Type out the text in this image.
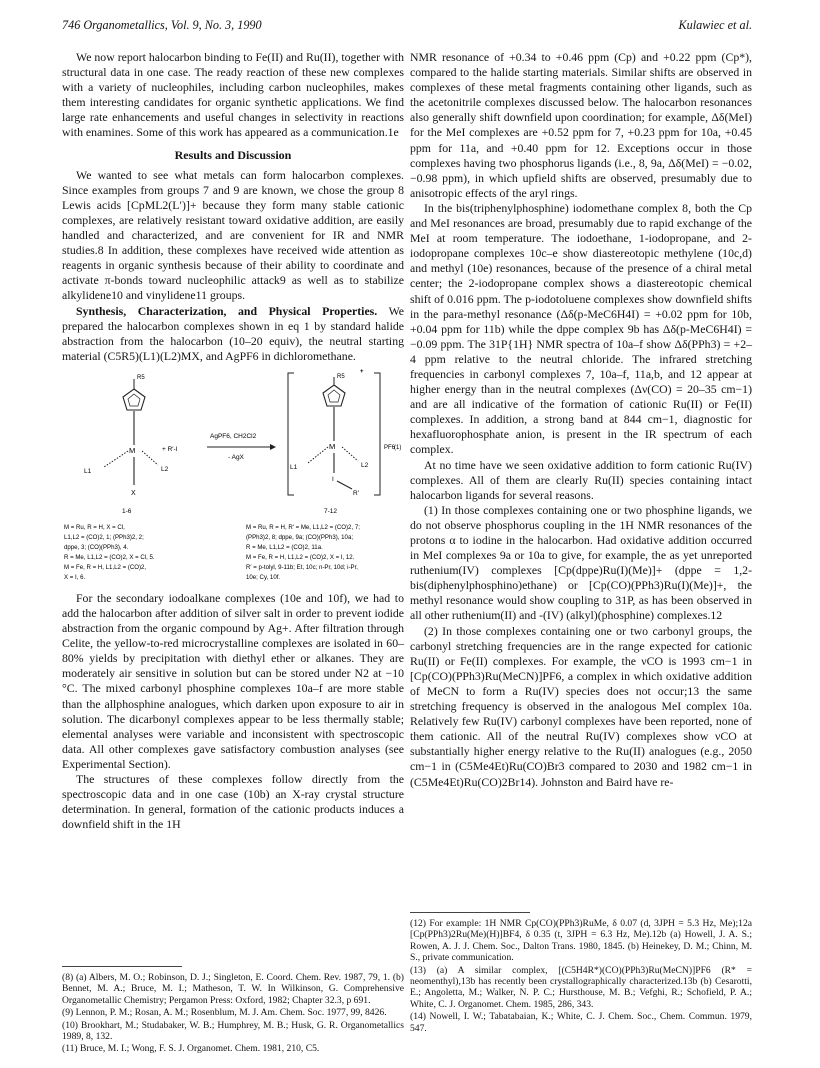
746 Organometallics, Vol. 9, No. 3, 1990	Kulawiec et al.

We now report halocarbon binding to Fe(II) and Ru(II), together with structural data in one case. The ready reaction of these new complexes with a variety of nucleophiles, including carbon nucleophiles, makes them interesting candidates for organic synthetic applications. We find large rate enhancements and useful changes in selectivity in reactions with enamines. Some of this work has appeared as a communication.1e

Results and Discussion

We wanted to see what metals can form halocarbon complexes. Since examples from groups 7 and 9 are known, we chose the group 8 Lewis acids [CpML2(L′)]+ because they form many stable cationic complexes, are relatively resistant toward oxidative addition, are easily handled and characterized, and are convenient for IR and NMR studies.8 In addition, these complexes have received wide attention as reagents in organic synthesis because of their ability to coordinate and activate π-bonds toward nucleophilic attack9 as well as to stabilize alkylidene10 and vinylidene11 groups.

Synthesis, Characterization, and Physical Properties. We prepared the halocarbon complexes shown in eq 1 by standard halide abstraction from the halocarbon (10–20 equiv), the neutral starting material (C5R5)(L1)(L2)MX, and AgPF6 in dichloromethane.

R5
M
L1	L2
X
1-6
+ R′-I
AgPF6, CH2Cl2
- AgX
+
R5
M
L1	L2
I
R′
PF6
(1)
7-12
M = Ru, R = H, X = Cl,
L1,L2 = (CO)2, 1; (PPh3)2, 2;
dppe, 3; (CO)(PPh3), 4.
R = Me, L1,L2 = (CO)2, X = Cl, 5.
M = Fe, R = H, L1,L2 = (CO)2,
X = I, 6.
M = Ru, R = H, R′ = Me, L1,L2 = (CO)2, 7;
(PPh3)2, 8; dppe, 9a; (CO)(PPh3), 10a;
R = Me, L1,L2 = (CO)2, 11a.
M = Fe, R = H, L1,L2 = (CO)2, X = I, 12.
R′ = p-tolyl, 9-11b; Et, 10c; n-Pr, 10d; i-Pr,
10e; Cy, 10f.

For the secondary iodoalkane complexes (10e and 10f), we had to add the halocarbon after addition of silver salt in order to prevent iodide abstraction from the organic compound by Ag+. After filtration through Celite, the yellow-to-red microcrystalline complexes are isolated in 60–80% yields by precipitation with diethyl ether or alkanes. They are moderately air sensitive in solution but can be stored under N2 at −10 °C. The mixed carbonyl phosphine complexes 10a–f are more stable than the allphosphine analogues, which darken upon exposure to air in solution. The dicarbonyl complexes appear to be less thermally stable; elemental analyses were variable and inconsistent with spectroscopic data. All other complexes gave satisfactory combustion analyses (see Experimental Section).

The structures of these complexes follow directly from the spectroscopic data and in one case (10b) an X-ray crystal structure determination. In general, formation of the cationic products induces a downfield shift in the 1H

NMR resonance of +0.34 to +0.46 ppm (Cp) and +0.22 ppm (Cp*), compared to the halide starting materials. Similar shifts are observed in complexes of these metal fragments containing other ligands, such as the acetonitrile complexes discussed below. The halocarbon resonances also generally shift downfield upon coordination; for example, Δδ(MeI) for the MeI complexes are +0.52 ppm for 7, +0.23 ppm for 10a, +0.45 ppm for 11a, and +0.40 ppm for 12. Exceptions occur in those complexes having two phosphorus ligands (i.e., 8, 9a, Δδ(MeI) = −0.02, −0.98 ppm), in which upfield shifts are observed, presumably due to anisotropic effects of the aryl rings.

In the bis(triphenylphosphine) iodomethane complex 8, both the Cp and MeI resonances are broad, presumably due to rapid exchange of the MeI at room temperature. The iodoethane, 1-iodopropane, and 2-iodopropane complexes 10c–e show diastereotopic methylene (10c,d) and methyl (10e) resonances, because of the presence of a chiral metal center; the 2-iodopropane complex shows a diastereotopic chemical shift of 0.016 ppm. The p-iodotoluene complexes show downfield shifts in the para-methyl resonance (Δδ(p-MeC6H4I) = +0.02 ppm for 10b, +0.04 ppm for 11b) while the dppe complex 9b has Δδ(p-MeC6H4I) = −0.09 ppm. The 31P{1H} NMR spectra of 10a–f show Δδ(PPh3) = +2–4 ppm relative to the neutral chloride. The infrared stretching frequencies in carbonyl complexes 7, 10a–f, 11a,b, and 12 appear at higher energy than in the neutral complexes (Δν(CO) = 20–35 cm−1) and are all indicative of the formation of cationic Ru(II) or Fe(II) complexes. In addition, a strong band at 844 cm−1, diagnostic for hexafluorophosphate anion, is present in the IR spectrum of each complex.

At no time have we seen oxidative addition to form cationic Ru(IV) complexes. All of them are clearly Ru(II) species containing intact halocarbon ligands for several reasons.

(1) In those complexes containing one or two phosphine ligands, we do not observe phosphorus coupling in the 1H NMR resonances of the protons α to iodine in the halocarbon. Had oxidative addition occurred in MeI complexes 9a or 10a to give, for example, the as yet unreported ruthenium(IV) complexes [Cp(dppe)Ru(I)(Me)]+ (dppe = 1,2-bis(diphenylphosphino)ethane) or [Cp(CO)(PPh3)Ru(I)(Me)]+, the methyl resonance would show coupling to 31P, as has been observed in all other ruthenium(II) and -(IV) (alkyl)(phosphine) complexes.12

(2) In those complexes containing one or two carbonyl groups, the carbonyl stretching frequencies are in the range expected for cationic Ru(II) or Fe(II) complexes. For example, the νCO is 1993 cm−1 in [Cp(CO)(PPh3)Ru(MeCN)]PF6, a complex in which oxidative addition of MeCN to form a Ru(IV) species does not occur;13 the same stretching frequency is observed in the analogous MeI complex 10a. Relatively few Ru(IV) carbonyl complexes have been reported, none of them cationic. All of the neutral Ru(IV) complexes show νCO at substantially higher energy relative to the Ru(II) analogues (e.g., 2050 cm−1 in (C5Me4Et)Ru(CO)Br3 compared to 2030 and 1982 cm−1 in (C5Me4Et)Ru(CO)2Br14). Johnston and Baird have re-

(8) (a) Albers, M. O.; Robinson, D. J.; Singleton, E. Coord. Chem. Rev. 1987, 79, 1. (b) Bennet, M. A.; Bruce, M. I.; Matheson, T. W. In Wilkinson, G. Comprehensive Organometallic Chemistry; Pergamon Press: Oxford, 1982; Chapter 32.3, p 691.

(9) Lennon, P. M.; Rosan, A. M.; Rosenblum, M. J. Am. Chem. Soc. 1977, 99, 8426.

(10) Brookhart, M.; Studabaker, W. B.; Humphrey, M. B.; Husk, G. R. Organometallics 1989, 8, 132.

(11) Bruce, M. I.; Wong, F. S. J. Organomet. Chem. 1981, 210, C5.

(12) For example: 1H NMR Cp(CO)(PPh3)RuMe, δ 0.07 (d, 3JPH = 5.3 Hz, Me);12a [Cp(PPh3)2Ru(Me)(H)]BF4, δ 0.35 (t, 3JPH = 6.3 Hz, Me).12b (a) Howell, J. A. S.; Rowen, A. J. J. Chem. Soc., Dalton Trans. 1980, 1845. (b) Heinekey, D. M.; Chinn, M. S., private communication.

(13) (a) A similar complex, [(C5H4R*)(CO)(PPh3)Ru(MeCN)]PF6 (R* = neomenthyl),13b has recently been crystallographically characterized.13b (b) Cesarotti, E.; Angoletta, M.; Walker, N. P. C.; Hursthouse, M. B.; Vefghi, R.; Schofield, P. A.; White, C. J. Organomet. Chem. 1985, 286, 343.

(14) Nowell, I. W.; Tabatabaian, K.; White, C. J. Chem. Soc., Chem. Commun. 1979, 547.
